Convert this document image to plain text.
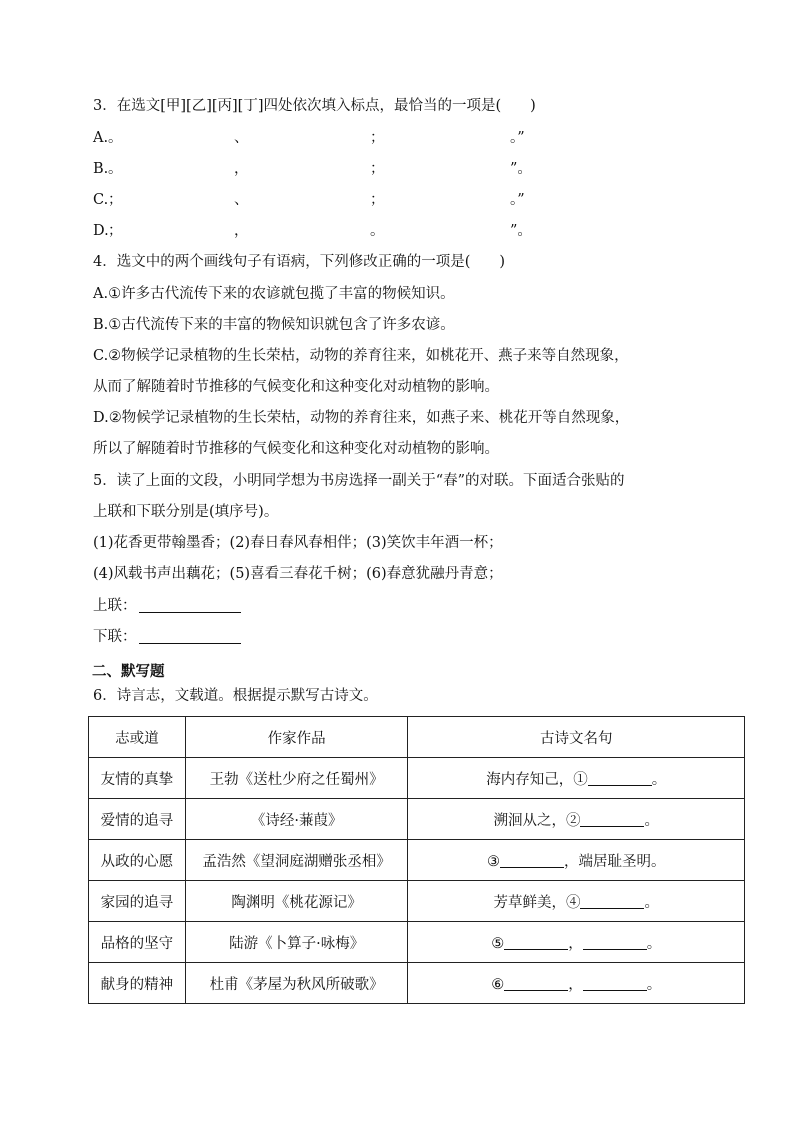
3．在选文[甲][乙][丙][丁]四处依次填入标点，最恰当的一项是(　　)
A. 。	、	；	。”
B. 。	，	；	”。
C. ；	、	；	。”
D. ；	，	。	”。
4．选文中的两个画线句子有语病，下列修改正确的一项是(　　)
A.①许多古代流传下来的农谚就包揽了丰富的物候知识。
B.①古代流传下来的丰富的物候知识就包含了许多农谚。
C.②物候学记录植物的生长荣枯，动物的养育往来，如桃花开、燕子来等自然现象，
从而了解随着时节推移的气候变化和这种变化对动植物的影响。
D.②物候学记录植物的生长荣枯，动物的养育往来，如燕子来、桃花开等自然现象，
所以了解随着时节推移的气候变化和这种变化对动植物的影响。
5．读了上面的文段，小明同学想为书房选择一副关于“春”的对联。下面适合张贴的
上联和下联分别是(填序号)。
(1)花香更带翰墨香；(2)春日春风春相伴；(3)笑饮丰年酒一杯；
(4)风载书声出藕花；(5)喜看三春花千树；(6)春意犹融丹青意；
上联：
下联：
二、默写题
6．诗言志，文载道。根据提示默写古诗文。
志或道	作家作品	古诗文名句
友情的真挚	王勃《送杜少府之任蜀州》	海内存知己，① 。
爱情的追寻	《诗经·蒹葭》	溯洄从之，② 。
从政的心愿	孟浩然《望洞庭湖赠张丞相》	③ ，端居耻圣明。
家园的追寻	陶渊明《桃花源记》	芳草鲜美，④ 。
品格的坚守	陆游《卜算子·咏梅》	⑤ ， 。
献身的精神	杜甫《茅屋为秋风所破歌》	⑥ ， 。
